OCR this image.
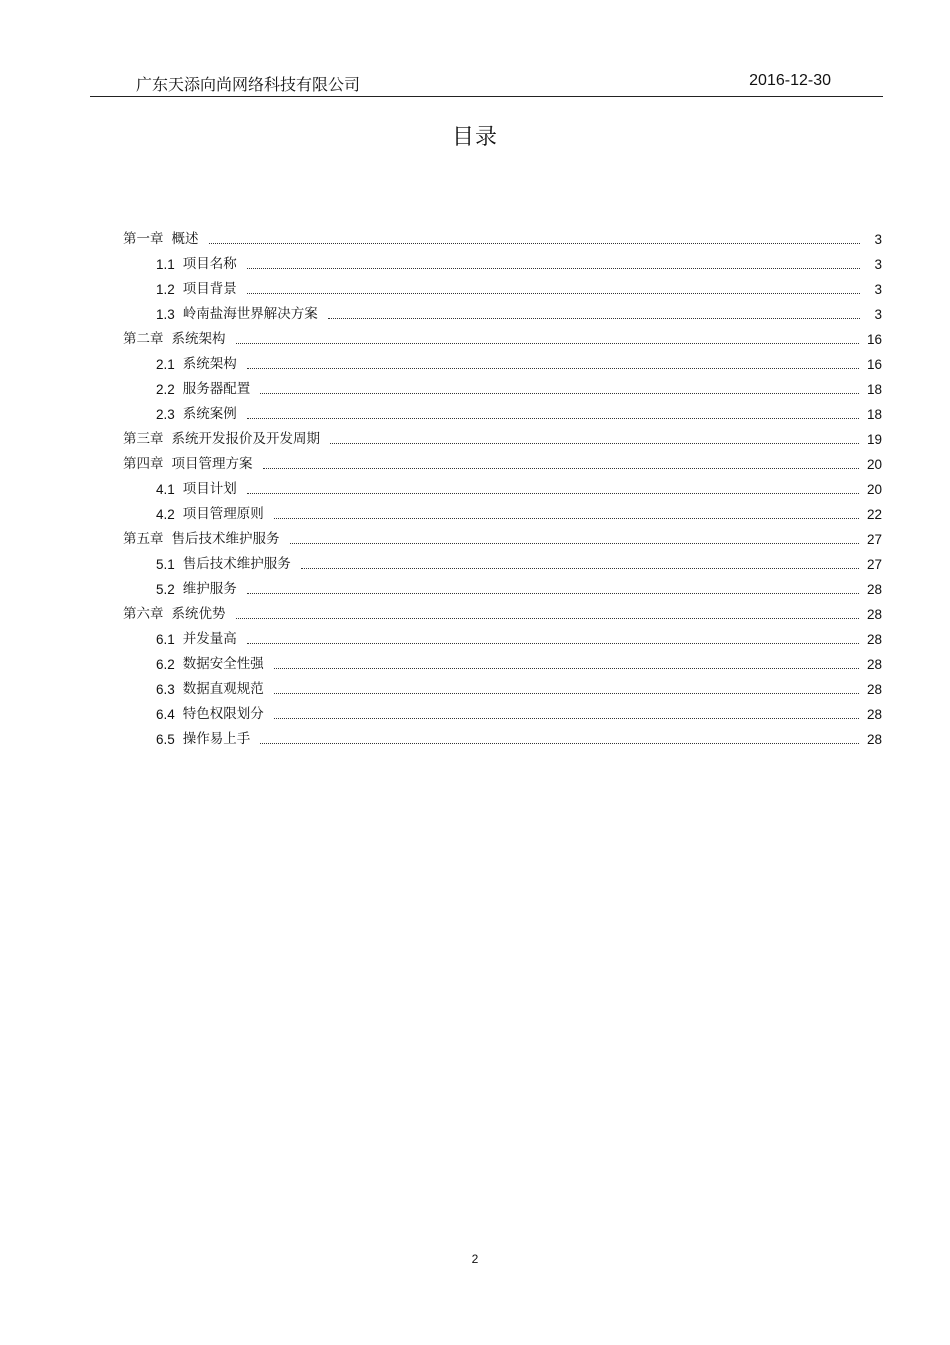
广东天添向尚网络科技有限公司	2016-12-30
目录
第一章 概述	3
1.1 项目名称	3
1.2 项目背景	3
1.3 岭南盐海世界解决方案	3
第二章 系统架构	16
2.1 系统架构	16
2.2 服务器配置	18
2.3 系统案例	18
第三章 系统开发报价及开发周期	19
第四章 项目管理方案	20
4.1 项目计划	20
4.2 项目管理原则	22
第五章 售后技术维护服务	27
5.1 售后技术维护服务	27
5.2 维护服务	28
第六章 系统优势	28
6.1 并发量高	28
6.2 数据安全性强	28
6.3 数据直观规范	28
6.4 特色权限划分	28
6.5 操作易上手	28
2
